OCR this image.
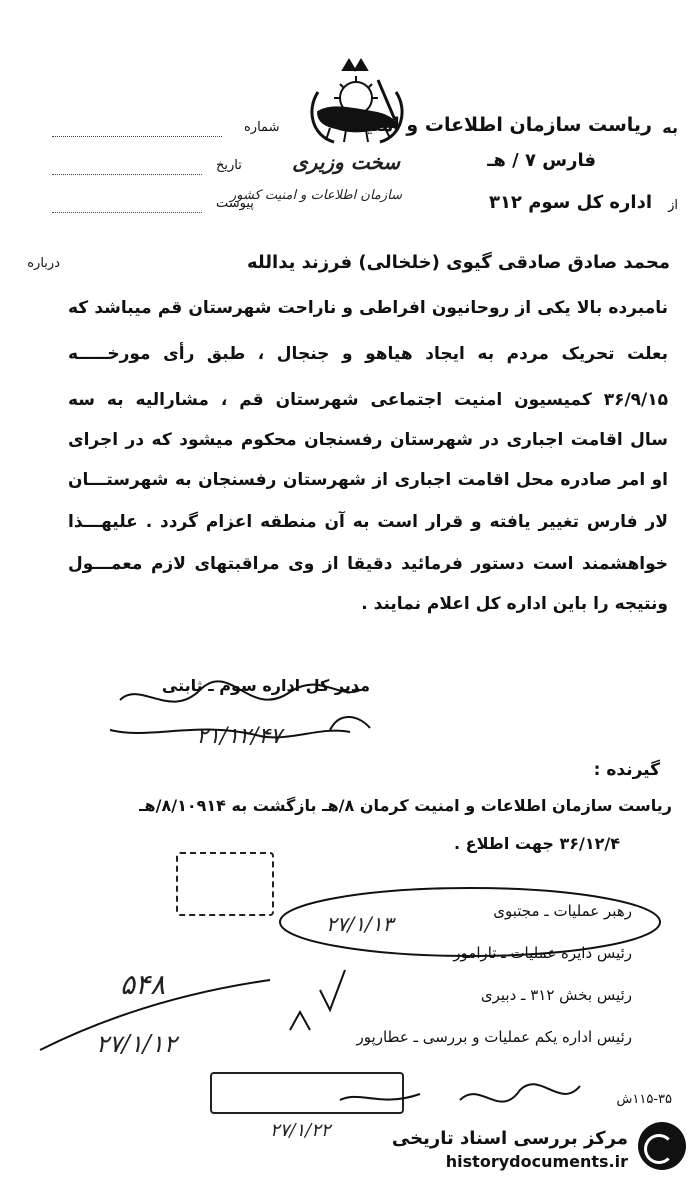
به
ریاست سازمان اطلاعات و امنیت
فارس ۷ / هـ
از
اداره کل سوم ۳۱۲
سخت وزیری
سازمان اطلاعات و امنیت کشور
شماره
تاریخ
پیوست
درباره	محمد صادق صادقی گیوی (خلخالی) فرزند یدالله
نامبرده بالا یکی از روحانیون افراطی و ناراحت شهرستان قم میباشد که
بعلت تحریک مردم به ایجاد هیاهو و جنجال ، طبق رأی مورخـــــه
۳۶/۹/۱۵ کمیسیون امنیت اجتماعی شهرستان قم ، مشارالیه به سه
سال اقامت اجباری در شهرستان رفسنجان محکوم میشود که در اجرای
او امر صادره محل اقامت اجباری از شهرستان رفسنجان به شهرستـــان
لار فارس تغییر یافته و قرار است به آن منطقه اعزام گردد . علیهـــذا
خواهشمند است دستور فرمائید دقیقا از وی مراقبتهای لازم معمـــول
ونتیجه را باین اداره کل اعلام نمایند .
مدیر کل اداره سوم ـ ثابتی
۲۱/۱۲/۴۷
گیرنده :
ریاست سازمان اطلاعات و امنیت کرمان ۸/هـ بازگشت به ۸/۱۰۹۱۴/هـ
۳۶/۱۲/۴ جهت اطلاع .
رهبر عملیات ـ مجتبوی
رئیس دایره عملیات ـ تارامور
رئیس بخش ۳۱۲ ـ دبیری
رئیس اداره یکم عملیات و بررسی ـ عطارپور
۵۴۸
۲۷/۱/۱۲
۲۷/۱/۱۳
۲۷/۱/۲۲
۱۱۵-۳۵ش
مرکز بررسی اسناد تاریخی
historydocuments.ir
